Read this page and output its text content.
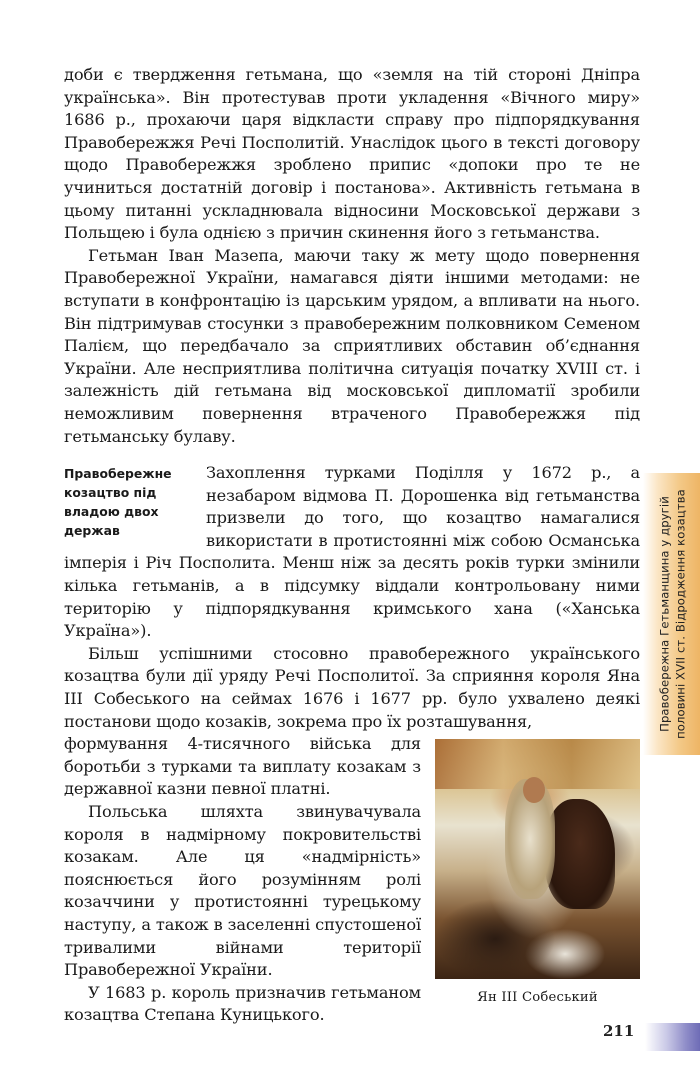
доби є твердження гетьмана, що «земля на тій стороні Дніпра українська». Він протестував проти укладення «Вічного миру» 1686 р., прохаючи царя відкласти справу про підпорядкування Правобережжя Речі Посполитій. Унаслідок цього в тексті договору щодо Правобережжя зроблено припис «допоки про те не учиниться достатній договір і постанова». Активність гетьмана в цьому питанні ускладнювала відносини Московської держави з Польщею і була однією з причин скинення його з гетьманства.

Гетьман Іван Мазепа, маючи таку ж мету щодо повернення Правобережної України, намагався діяти іншими методами: не вступати в конфронтацію із царським урядом, а впливати на нього. Він підтримував стосунки з правобережним полковником Семеном Палієм, що передбачало за сприятливих обставин об’єднання України. Але несприятлива політична ситуація початку XVIII ст. і залежність дій гетьмана від московської дипломатії зробили неможливим повернення втраченого Правобережжя під гетьманську булаву.

Правобережне козацтво під владою двох держав

Захоплення турками Поділля у 1672 р., а незабаром відмова П. Дорошенка від гетьманства призвели до того, що козацтво намагалися використати в протистоянні між собою Османська імперія і Річ Посполита. Менш ніж за десять років турки змінили кілька гетьманів, а в підсумку віддали контрольовану ними територію у підпорядкування кримського хана («Ханська Україна»).

Більш успішними стосовно правобережного українського козацтва були дії уряду Речі Посполитої. За сприяння короля Яна III Собеського на сеймах 1676 і 1677 рр. було ухвалено деякі постанови щодо козаків, зокрема про їх розташування,

Ян III Собеський

формування 4-тисячного війська для боротьби з турками та виплату козакам з державної казни певної платні.

Польська шляхта звинувачувала короля в надмірному покровительстві козакам. Але ця «надмірність» пояснюється його розумінням ролі козаччини у протистоянні турецькому наступу, а також в заселенні спустошеної тривалими війнами території Правобережної України.

У 1683 р. король призначив гетьманом козацтва Степана Куницького.

Правобережна Гетьманщина у другій половині XVII ст. Відродження козацтва
211
